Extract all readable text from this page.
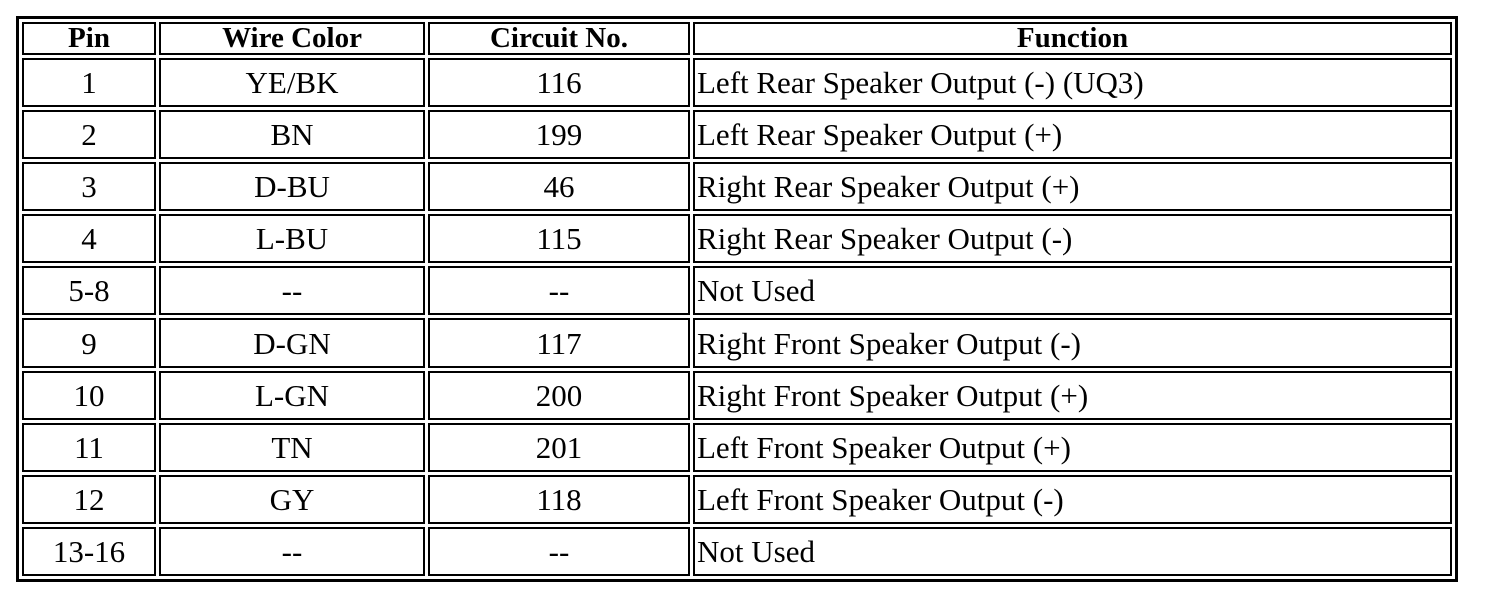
Pin	Wire Color	Circuit No.	Function
1	YE/BK	116	Left Rear Speaker Output (-) (UQ3)
2	BN	199	Left Rear Speaker Output (+)
3	D-BU	46	Right Rear Speaker Output (+)
4	L-BU	115	Right Rear Speaker Output (-)
5-8	--	--	Not Used
9	D-GN	117	Right Front Speaker Output (-)
10	L-GN	200	Right Front Speaker Output (+)
11	TN	201	Left Front Speaker Output (+)
12	GY	118	Left Front Speaker Output (-)
13-16	--	--	Not Used
